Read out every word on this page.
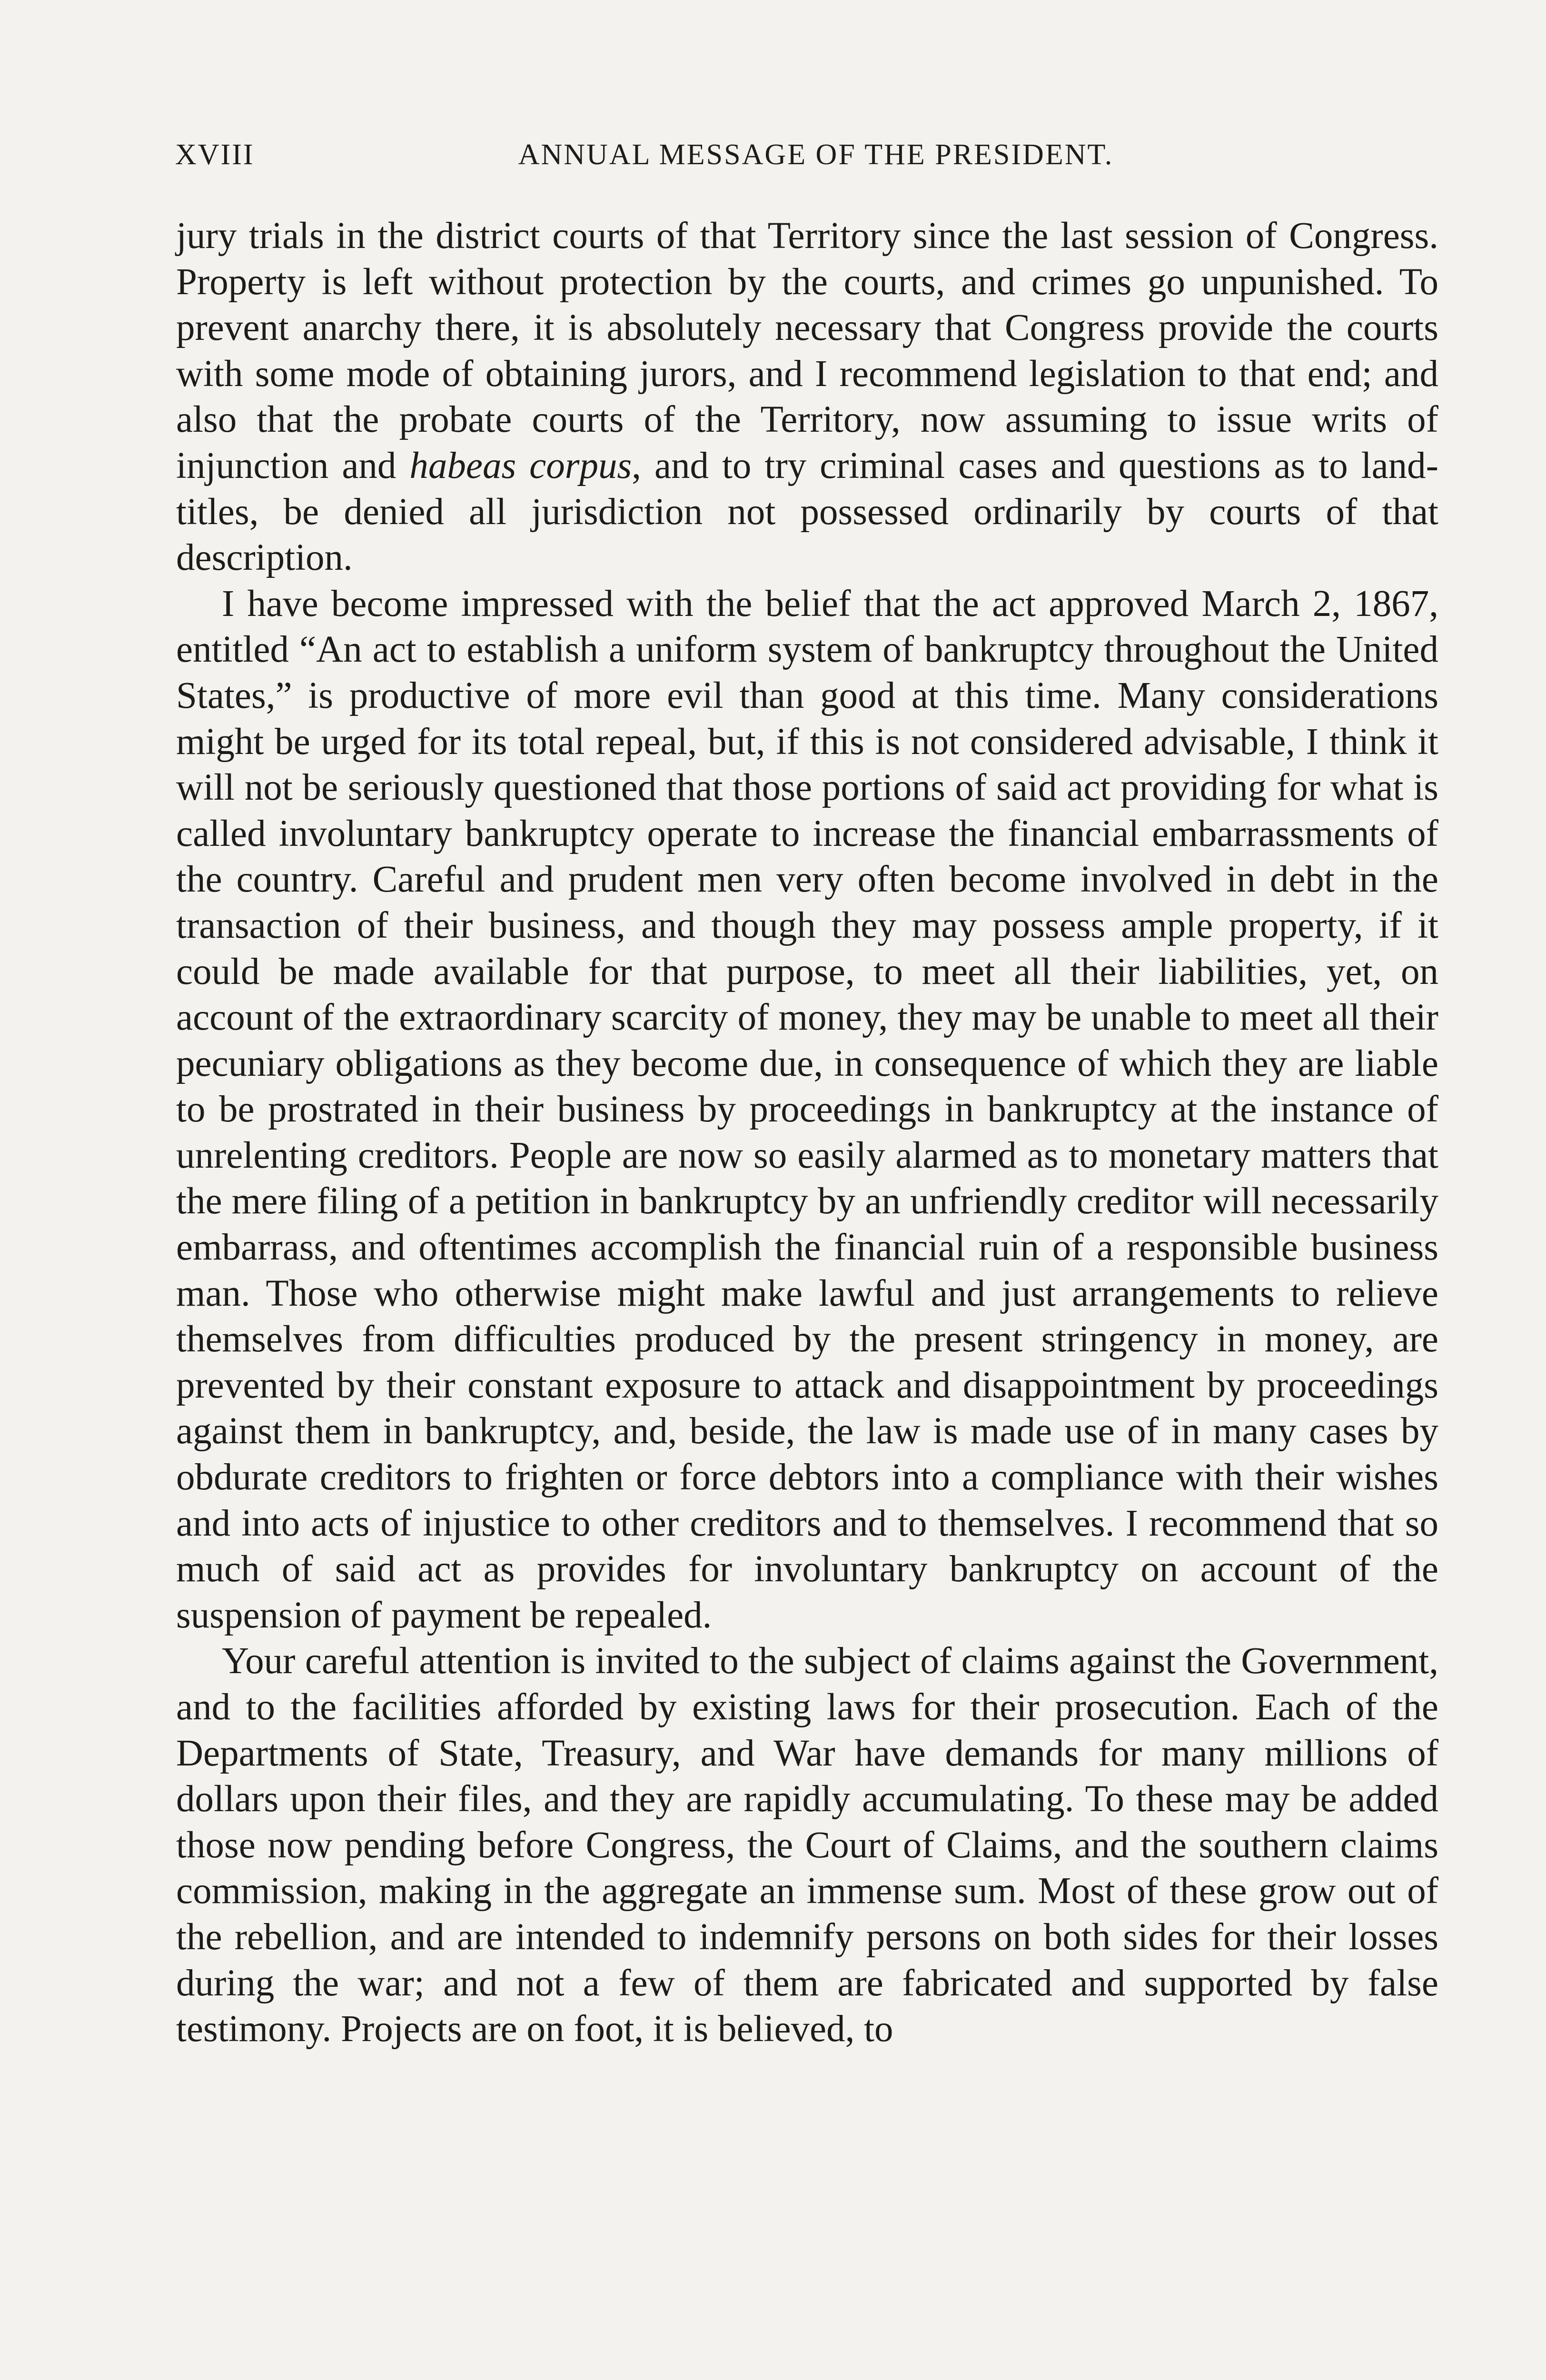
XVIII	ANNUAL MESSAGE OF THE PRESIDENT.

jury trials in the district courts of that Territory since the last session of Congress. Property is left without protection by the courts, and crimes go unpunished. To prevent anarchy there, it is absolutely necessary that Congress provide the courts with some mode of obtaining jurors, and I recommend legislation to that end; and also that the probate courts of the Territory, now assuming to issue writs of injunction and habeas corpus, and to try criminal cases and questions as to land-titles, be denied all jurisdiction not possessed ordinarily by courts of that description.

I have become impressed with the belief that the act approved March 2, 1867, entitled “An act to establish a uniform system of bankruptcy throughout the United States,” is productive of more evil than good at this time. Many considerations might be urged for its total repeal, but, if this is not considered advisable, I think it will not be seriously questioned that those portions of said act providing for what is called involuntary bankruptcy operate to increase the financial embarrassments of the country. Careful and prudent men very often become involved in debt in the transaction of their business, and though they may possess ample property, if it could be made available for that purpose, to meet all their liabilities, yet, on account of the extraordinary scarcity of money, they may be unable to meet all their pecuniary obligations as they become due, in consequence of which they are liable to be prostrated in their business by proceedings in bankruptcy at the instance of unrelenting creditors. People are now so easily alarmed as to monetary matters that the mere filing of a petition in bankruptcy by an unfriendly creditor will necessarily embarrass, and oftentimes accomplish the financial ruin of a responsible business man. Those who otherwise might make lawful and just arrangements to relieve themselves from difficulties produced by the present stringency in money, are prevented by their constant exposure to attack and disappointment by proceedings against them in bankruptcy, and, beside, the law is made use of in many cases by obdurate creditors to frighten or force debtors into a compliance with their wishes and into acts of injustice to other creditors and to themselves. I recommend that so much of said act as provides for involuntary bankruptcy on account of the suspension of payment be repealed.

Your careful attention is invited to the subject of claims against the Government, and to the facilities afforded by existing laws for their prosecution. Each of the Departments of State, Treasury, and War have demands for many millions of dollars upon their files, and they are rapidly accumulating. To these may be added those now pending before Congress, the Court of Claims, and the southern claims commission, making in the aggregate an immense sum. Most of these grow out of the rebellion, and are intended to indemnify persons on both sides for their losses during the war; and not a few of them are fabricated and supported by false testimony. Projects are on foot, it is believed, to
